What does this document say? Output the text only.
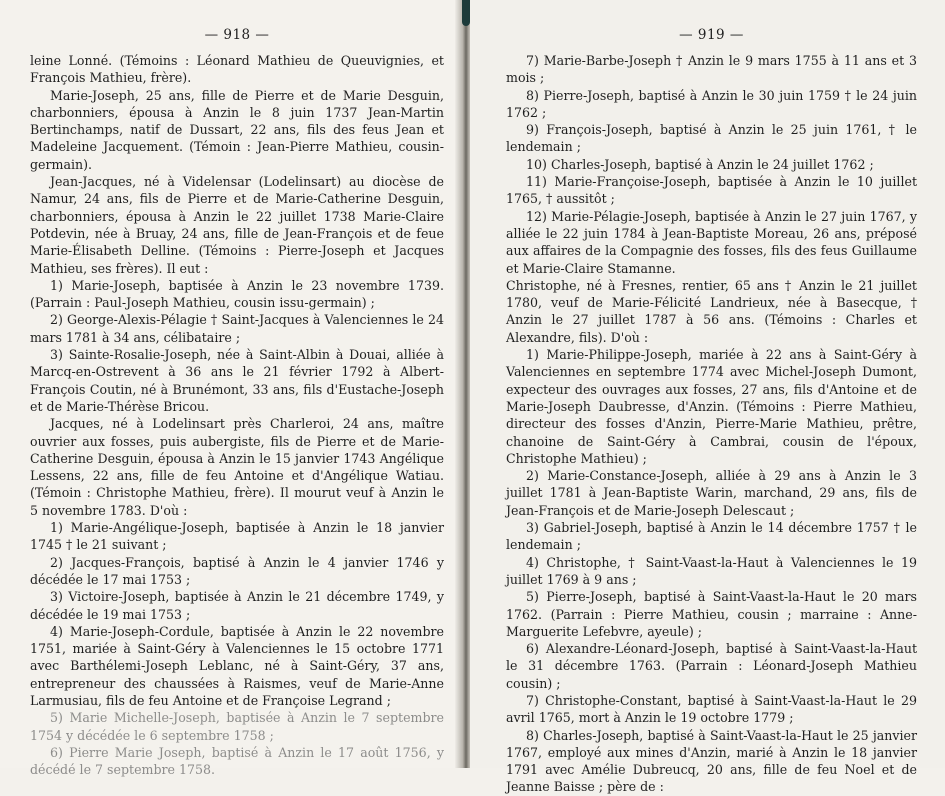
— 918 —

leine Lonné. (Témoins : Léonard Mathieu de Queuvignies, et François Mathieu, frère).

Marie-Joseph, 25 ans, fille de Pierre et de Marie Desguin, charbonniers, épousa à Anzin le 8 juin 1737 Jean-Martin Bertinchamps, natif de Dussart, 22 ans, fils des feus Jean et Madeleine Jacquement. (Témoin : Jean-Pierre Mathieu, cousin-germain).

Jean-Jacques, né à Videlensar (Lodelinsart) au diocèse de Namur, 24 ans, fils de Pierre et de Marie-Catherine Desguin, charbonniers, épousa à Anzin le 22 juillet 1738 Marie-Claire Potdevin, née à Bruay, 24 ans, fille de Jean-François et de feue Marie-Élisabeth Delline. (Témoins : Pierre-Joseph et Jacques Mathieu, ses frères). Il eut :

1) Marie-Joseph, baptisée à Anzin le 23 novembre 1739. (Parrain : Paul-Joseph Mathieu, cousin issu-germain) ;

2) George-Alexis-Pélagie † Saint-Jacques à Valenciennes le 24 mars 1781 à 34 ans, célibataire ;

3) Sainte-Rosalie-Joseph, née à Saint-Albin à Douai, alliée à Marcq-en-Ostrevent à 36 ans le 21 février 1792 à Albert-François Coutin, né à Brunémont, 33 ans, fils d'Eustache-Joseph et de Marie-Thérèse Bricou.

Jacques, né à Lodelinsart près Charleroi, 24 ans, maître ouvrier aux fosses, puis aubergiste, fils de Pierre et de Marie-Catherine Desguin, épousa à Anzin le 15 janvier 1743 Angélique Lessens, 22 ans, fille de feu Antoine et d'Angélique Watiau. (Témoin : Christophe Mathieu, frère). Il mourut veuf à Anzin le 5 novembre 1783. D'où :

1) Marie-Angélique-Joseph, baptisée à Anzin le 18 janvier 1745 † le 21 suivant ;

2) Jacques-François, baptisé à Anzin le 4 janvier 1746 y décédée le 17 mai 1753 ;

3) Victoire-Joseph, baptisée à Anzin le 21 décembre 1749, y décédée le 19 mai 1753 ;

4) Marie-Joseph-Cordule, baptisée à Anzin le 22 novembre 1751, mariée à Saint-Géry à Valenciennes le 15 octobre 1771 avec Barthélemi-Joseph Leblanc, né à Saint-Géry, 37 ans, entrepreneur des chaussées à Raismes, veuf de Marie-Anne Larmusiau, fils de feu Antoine et de Françoise Legrand ;

5) Marie Michelle-Joseph, baptisée à Anzin le 7 septembre 1754 y décédée le 6 septembre 1758 ;

6) Pierre Marie Joseph, baptisé à Anzin le 17 août 1756, y décédé le 7 septembre 1758.

— 919 —

7) Marie-Barbe-Joseph † Anzin le 9 mars 1755 à 11 ans et 3 mois ;

8) Pierre-Joseph, baptisé à Anzin le 30 juin 1759 † le 24 juin 1762 ;

9) François-Joseph, baptisé à Anzin le 25 juin 1761, † le lendemain ;

10) Charles-Joseph, baptisé à Anzin le 24 juillet 1762 ;

11) Marie-Françoise-Joseph, baptisée à Anzin le 10 juillet 1765, † aussitôt ;

12) Marie-Pélagie-Joseph, baptisée à Anzin le 27 juin 1767, y alliée le 22 juin 1784 à Jean-Baptiste Moreau, 26 ans, préposé aux affaires de la Compagnie des fosses, fils des feus Guillaume et Marie-Claire Stamanne.

Christophe, né à Fresnes, rentier, 65 ans † Anzin le 21 juillet 1780, veuf de Marie-Félicité Landrieux, née à Basecque, † Anzin le 27 juillet 1787 à 56 ans. (Témoins : Charles et Alexandre, fils). D'où :

1) Marie-Philippe-Joseph, mariée à 22 ans à Saint-Géry à Valenciennes en septembre 1774 avec Michel-Joseph Dumont, expecteur des ouvrages aux fosses, 27 ans, fils d'Antoine et de Marie-Joseph Daubresse, d'Anzin. (Témoins : Pierre Mathieu, directeur des fosses d'Anzin, Pierre-Marie Mathieu, prêtre, chanoine de Saint-Géry à Cambrai, cousin de l'époux, Christophe Mathieu) ;

2) Marie-Constance-Joseph, alliée à 29 ans à Anzin le 3 juillet 1781 à Jean-Baptiste Warin, marchand, 29 ans, fils de Jean-François et de Marie-Joseph Delescaut ;

3) Gabriel-Joseph, baptisé à Anzin le 14 décembre 1757 † le lendemain ;

4) Christophe, † Saint-Vaast-la-Haut à Valenciennes le 19 juillet 1769 à 9 ans ;

5) Pierre-Joseph, baptisé à Saint-Vaast-la-Haut le 20 mars 1762. (Parrain : Pierre Mathieu, cousin ; marraine : Anne-Marguerite Lefebvre, ayeule) ;

6) Alexandre-Léonard-Joseph, baptisé à Saint-Vaast-la-Haut le 31 décembre 1763. (Parrain : Léonard-Joseph Mathieu cousin) ;

7) Christophe-Constant, baptisé à Saint-Vaast-la-Haut le 29 avril 1765, mort à Anzin le 19 octobre 1779 ;

8) Charles-Joseph, baptisé à Saint-Vaast-la-Haut le 25 janvier 1767, employé aux mines d'Anzin, marié à Anzin le 18 janvier 1791 avec Amélie Dubreucq, 20 ans, fille de feu Noel et de Jeanne Baisse ; père de :
